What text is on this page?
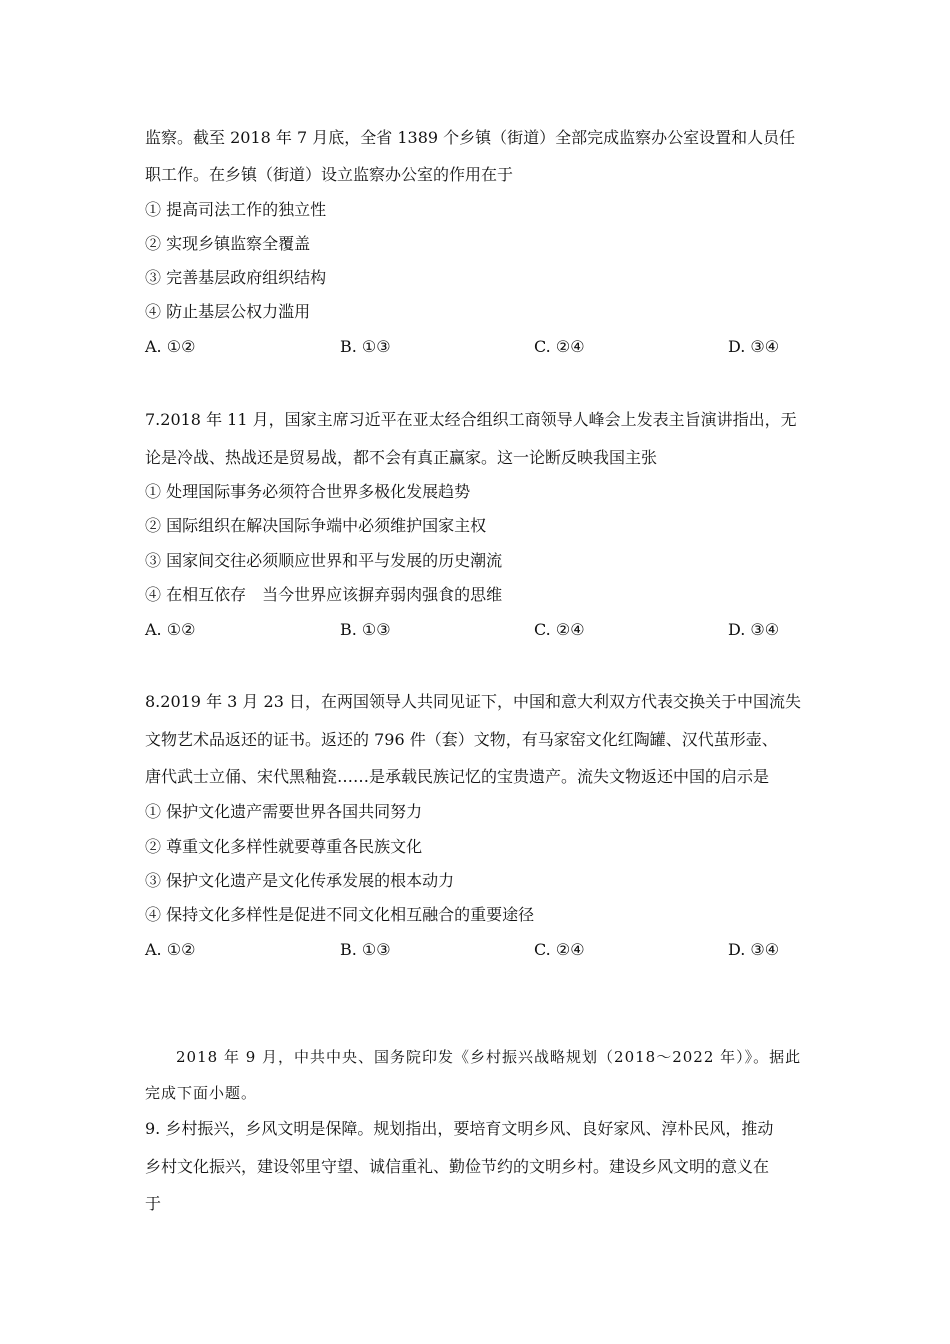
监察。截至 2018 年 7 月底，全省 1389 个乡镇（街道）全部完成监察办公室设置和人员任
职工作。在乡镇（街道）设立监察办公室的作用在于
① 提高司法工作的独立性
② 实现乡镇监察全覆盖
③ 完善基层政府组织结构
④ 防止基层公权力滥用
A. ①②	B. ①③	C. ②④	D. ③④
7.2018 年 11 月，国家主席习近平在亚太经合组织工商领导人峰会上发表主旨演讲指出，无
论是冷战、热战还是贸易战，都不会有真正赢家。这一论断反映我国主张
① 处理国际事务必须符合世界多极化发展趋势
② 国际组织在解决国际争端中必须维护国家主权
③ 国家间交往必须顺应世界和平与发展的历史潮流
④ 在相互依存　当今世界应该摒弃弱肉强食的思维
A. ①②	B. ①③	C. ②④	D. ③④
8.2019 年 3 月 23 日，在两国领导人共同见证下，中国和意大利双方代表交换关于中国流失
文物艺术品返还的证书。返还的 796 件（套）文物，有马家窑文化红陶罐、汉代茧形壶、
唐代武士立俑、宋代黑釉瓷……是承载民族记忆的宝贵遗产。流失文物返还中国的启示是
① 保护文化遗产需要世界各国共同努力
② 尊重文化多样性就要尊重各民族文化
③ 保护文化遗产是文化传承发展的根本动力
④ 保持文化多样性是促进不同文化相互融合的重要途径
A. ①②	B. ①③	C. ②④	D. ③④
2018 年 9 月，中共中央、国务院印发《乡村振兴战略规划（2018～2022 年）》。据此
完成下面小题。
9. 乡村振兴，乡风文明是保障。规划指出，要培育文明乡风、良好家风、淳朴民风，推动
乡村文化振兴，建设邻里守望、诚信重礼、勤俭节约的文明乡村。建设乡风文明的意义在
于
